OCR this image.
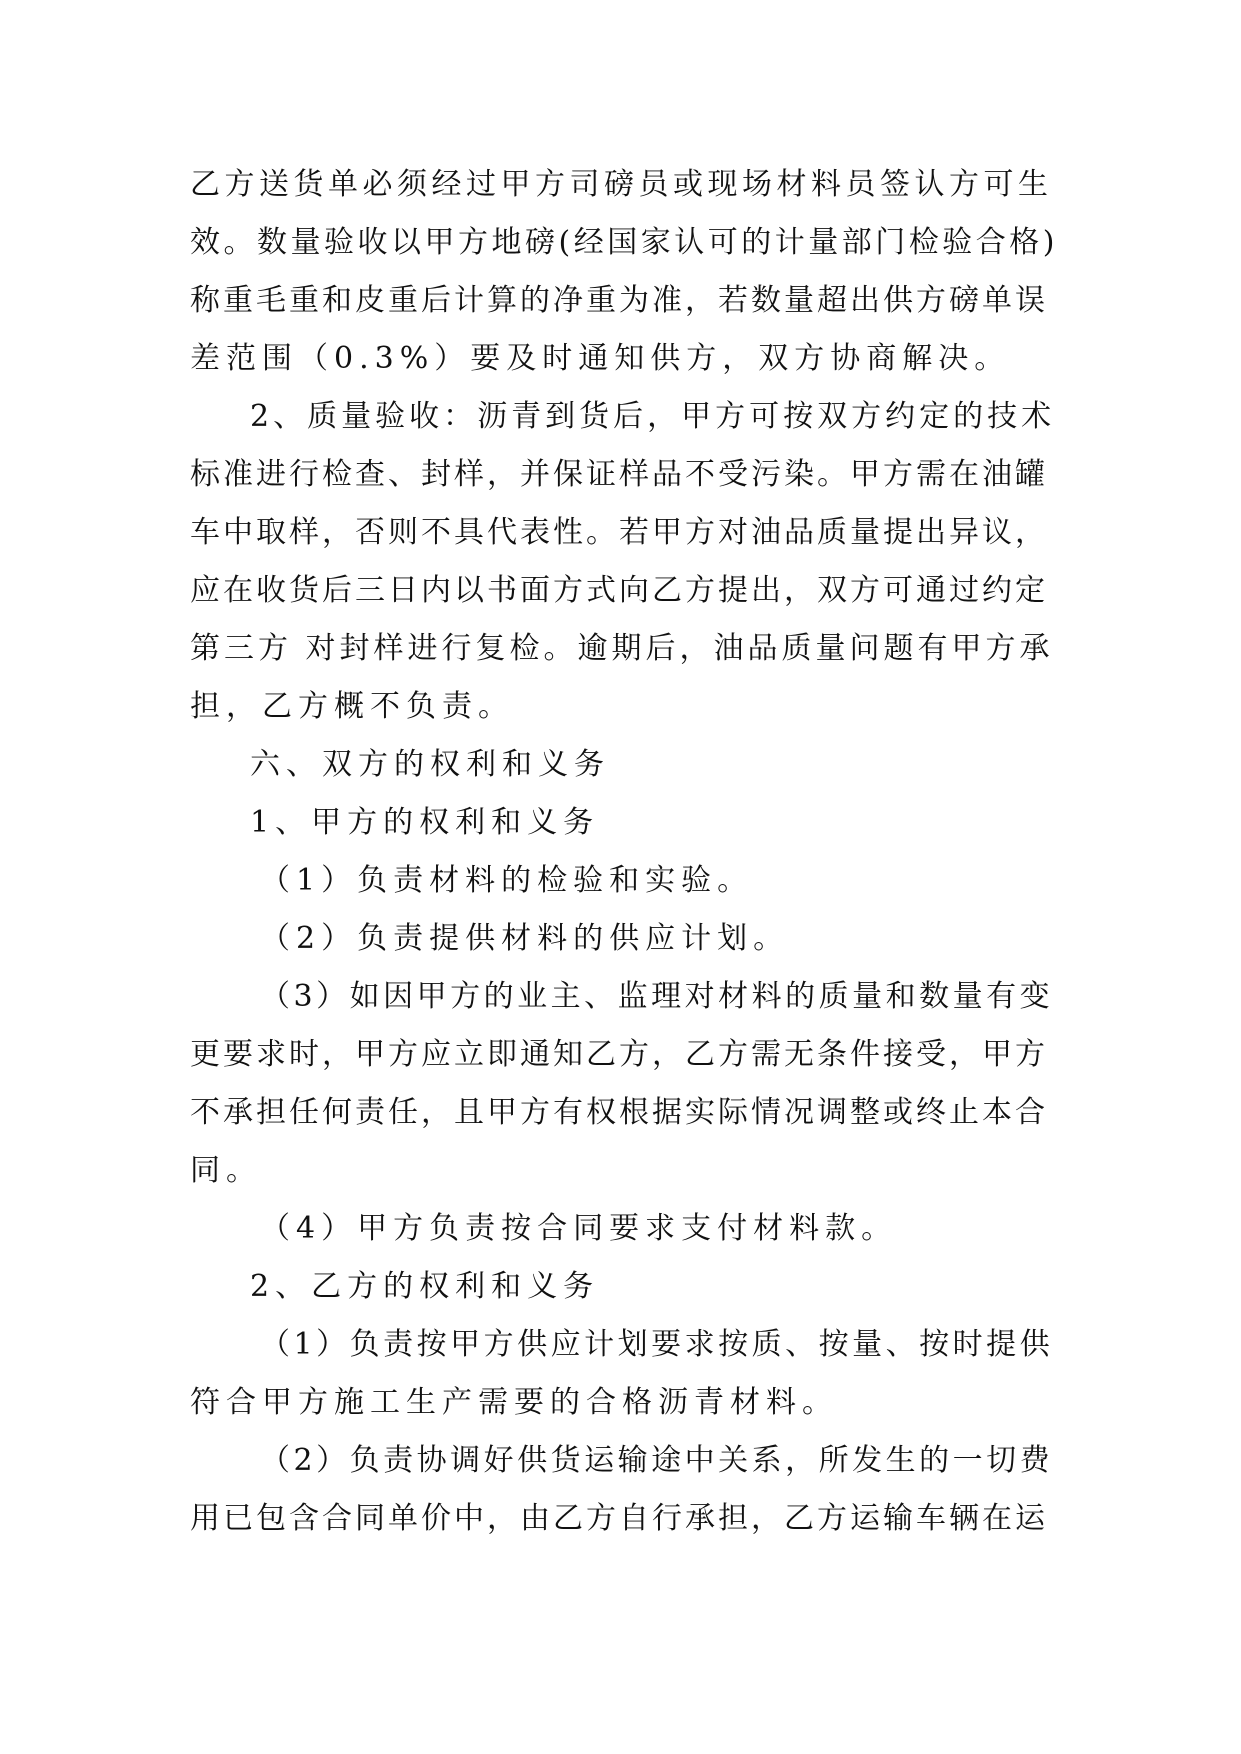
乙方送货单必须经过甲方司磅员或现场材料员签认方可生
效。数量验收以甲方地磅(经国家认可的计量部门检验合格)
称重毛重和皮重后计算的净重为准，若数量超出供方磅单误
差范围（0.3%）要及时通知供方，双方协商解决。
2、质量验收：沥青到货后，甲方可按双方约定的技术
标准进行检查、封样，并保证样品不受污染。甲方需在油罐
车中取样，否则不具代表性。若甲方对油品质量提出异议，
应在收货后三日内以书面方式向乙方提出，双方可通过约定
第三方 对封样进行复检。逾期后，油品质量问题有甲方承
担，乙方概不负责。
六、双方的权利和义务
1、甲方的权利和义务
（1）负责材料的检验和实验。
（2）负责提供材料的供应计划。
（3）如因甲方的业主、监理对材料的质量和数量有变
更要求时，甲方应立即通知乙方，乙方需无条件接受，甲方
不承担任何责任，且甲方有权根据实际情况调整或终止本合
同。
（4）甲方负责按合同要求支付材料款。
2、乙方的权利和义务
（1）负责按甲方供应计划要求按质、按量、按时提供
符合甲方施工生产需要的合格沥青材料。
（2）负责协调好供货运输途中关系，所发生的一切费
用已包含合同单价中，由乙方自行承担，乙方运输车辆在运
